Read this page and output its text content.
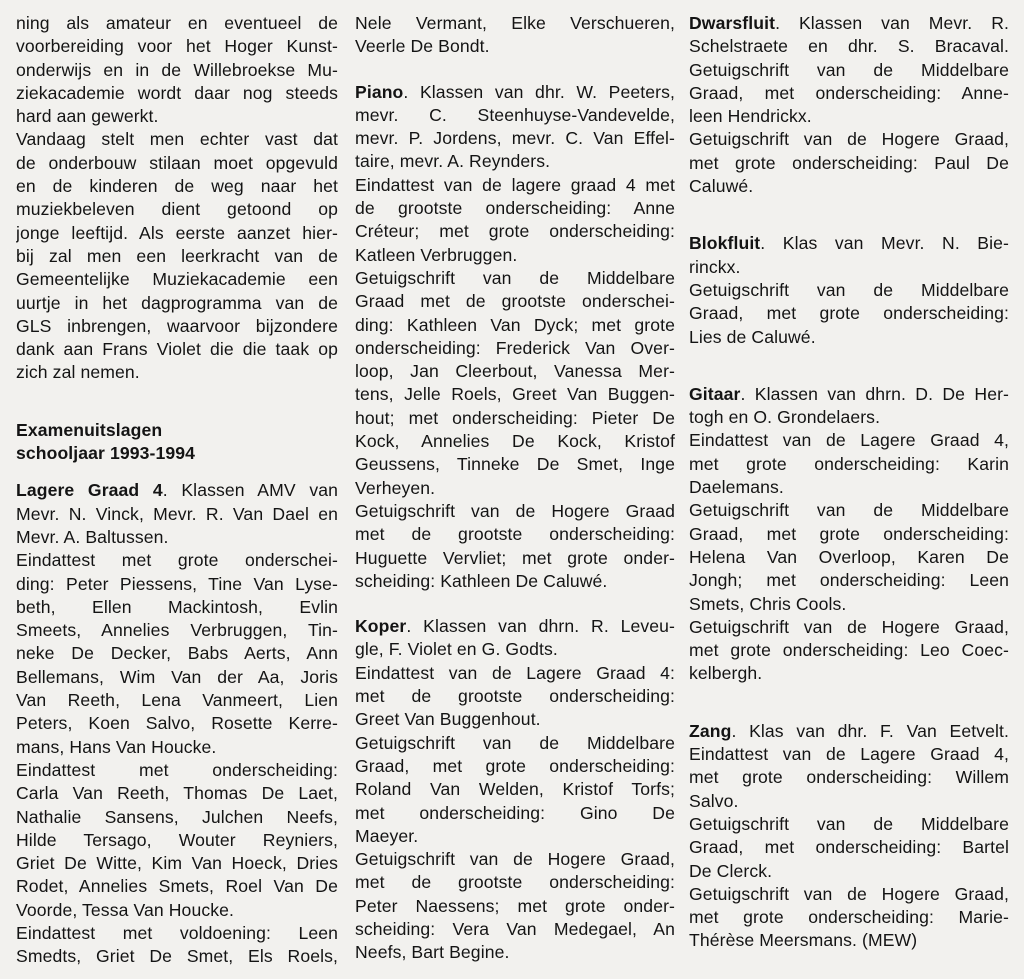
ning als amateur en eventueel de
voorbereiding voor het Hoger Kunst-
onderwijs en in de Willebroekse Mu-
ziekacademie wordt daar nog steeds
hard aan gewerkt.
Vandaag stelt men echter vast dat
de onderbouw stilaan moet opgevuld
en de kinderen de weg naar het
muziekbeleven dient getoond op
jonge leeftijd. Als eerste aanzet hier-
bij zal men een leerkracht van de
Gemeentelijke Muziekacademie een
uurtje in het dagprogramma van de
GLS inbrengen, waarvoor bijzondere
dank aan Frans Violet die die taak op
zich zal nemen.
Examenuitslagen
schooljaar 1993-1994
Lagere Graad 4. Klassen AMV van
Mevr. N. Vinck, Mevr. R. Van Dael en
Mevr. A. Baltussen.
Eindattest met grote onderschei-
ding: Peter Piessens, Tine Van Lyse-
beth, Ellen Mackintosh, Evlin
Smeets, Annelies Verbruggen, Tin-
neke De Decker, Babs Aerts, Ann
Bellemans, Wim Van der Aa, Joris
Van Reeth, Lena Vanmeert, Lien
Peters, Koen Salvo, Rosette Kerre-
mans, Hans Van Houcke.
Eindattest met onderscheiding:
Carla Van Reeth, Thomas De Laet,
Nathalie Sansens, Julchen Neefs,
Hilde Tersago, Wouter Reyniers,
Griet De Witte, Kim Van Hoeck, Dries
Rodet, Annelies Smets, Roel Van De
Voorde, Tessa Van Houcke.
Eindattest met voldoening: Leen
Smedts, Griet De Smet, Els Roels,
Nele Vermant, Elke Verschueren,
Veerle De Bondt.
Piano. Klassen van dhr. W. Peeters,
mevr. C. Steenhuyse-Vandevelde,
mevr. P. Jordens, mevr. C. Van Effel-
taire, mevr. A. Reynders.
Eindattest van de lagere graad 4 met
de grootste onderscheiding: Anne
Créteur; met grote onderscheiding:
Katleen Verbruggen.
Getuigschrift van de Middelbare
Graad met de grootste onderschei-
ding: Kathleen Van Dyck; met grote
onderscheiding: Frederick Van Over-
loop, Jan Cleerbout, Vanessa Mer-
tens, Jelle Roels, Greet Van Buggen-
hout; met onderscheiding: Pieter De
Kock, Annelies De Kock, Kristof
Geussens, Tinneke De Smet, Inge
Verheyen.
Getuigschrift van de Hogere Graad
met de grootste onderscheiding:
Huguette Vervliet; met grote onder-
scheiding: Kathleen De Caluwé.
Koper. Klassen van dhrn. R. Leveu-
gle, F. Violet en G. Godts.
Eindattest van de Lagere Graad 4:
met de grootste onderscheiding:
Greet Van Buggenhout.
Getuigschrift van de Middelbare
Graad, met grote onderscheiding:
Roland Van Welden, Kristof Torfs;
met onderscheiding: Gino De
Maeyer.
Getuigschrift van de Hogere Graad,
met de grootste onderscheiding:
Peter Naessens; met grote onder-
scheiding: Vera Van Medegael, An
Neefs, Bart Begine.
Dwarsfluit. Klassen van Mevr. R.
Schelstraete en dhr. S. Bracaval.
Getuigschrift van de Middelbare
Graad, met onderscheiding: Anne-
leen Hendrickx.
Getuigschrift van de Hogere Graad,
met grote onderscheiding: Paul De
Caluwé.
Blokfluit. Klas van Mevr. N. Bie-
rinckx.
Getuigschrift van de Middelbare
Graad, met grote onderscheiding:
Lies de Caluwé.
Gitaar. Klassen van dhrn. D. De Her-
togh en O. Grondelaers.
Eindattest van de Lagere Graad 4,
met grote onderscheiding: Karin
Daelemans.
Getuigschrift van de Middelbare
Graad, met grote onderscheiding:
Helena Van Overloop, Karen De
Jongh; met onderscheiding: Leen
Smets, Chris Cools.
Getuigschrift van de Hogere Graad,
met grote onderscheiding: Leo Coec-
kelbergh.
Zang. Klas van dhr. F. Van Eetvelt.
Eindattest van de Lagere Graad 4,
met grote onderscheiding: Willem
Salvo.
Getuigschrift van de Middelbare
Graad, met onderscheiding: Bartel
De Clerck.
Getuigschrift van de Hogere Graad,
met grote onderscheiding: Marie-
Thérèse Meersmans. (MEW)
